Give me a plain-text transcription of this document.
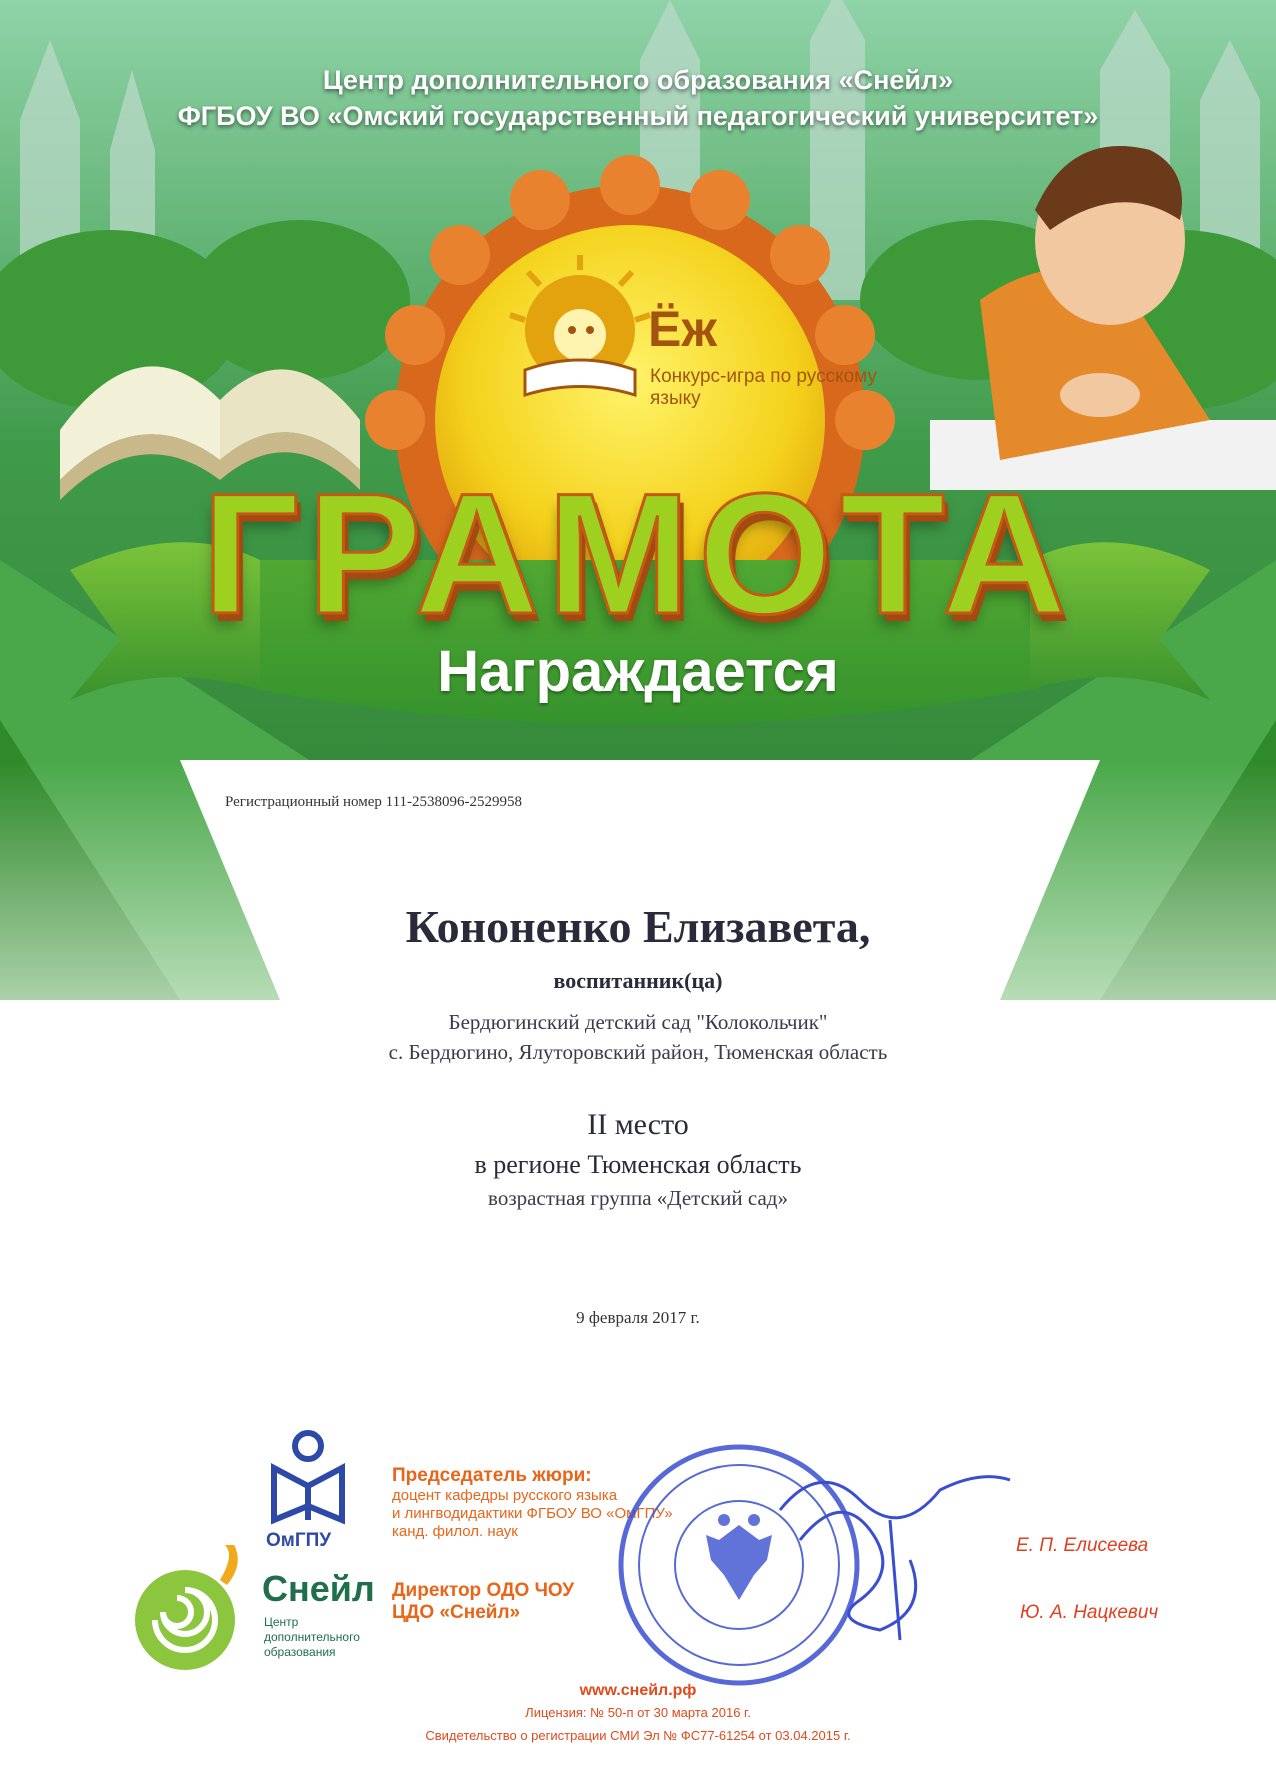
Центр дополнительного образования «Снейл»
ФГБОУ ВО «Омский государственный педагогический университет»
Ёж
Конкурс-игра по русскому языку
ГРАМОТА
Награждается
Регистрационный номер 111-2538096-2529958
Кононенко Елизавета,
воспитанник(ца)
Бердюгинский детский сад "Колокольчик"
с. Бердюгино, Ялуторовский район, Тюменская область
II место
в регионе Тюменская область
возрастная группа «Детский сад»
9 февраля 2017 г.
ОмГПУ
Снейл
Центр дополнительного образования
Председатель жюри:
доцент кафедры русского языка
и лингводидактики ФГБОУ ВО «ОмГПУ»
канд. филол. наук
Е. П. Елисеева
Директор ОДО ЧОУ
ЦДО «Снейл»	Ю. А. Нацкевич
www.снейл.рф
Лицензия: № 50-п от 30 марта 2016 г.
Свидетельство о регистрации СМИ Эл № ФС77-61254 от 03.04.2015 г.
